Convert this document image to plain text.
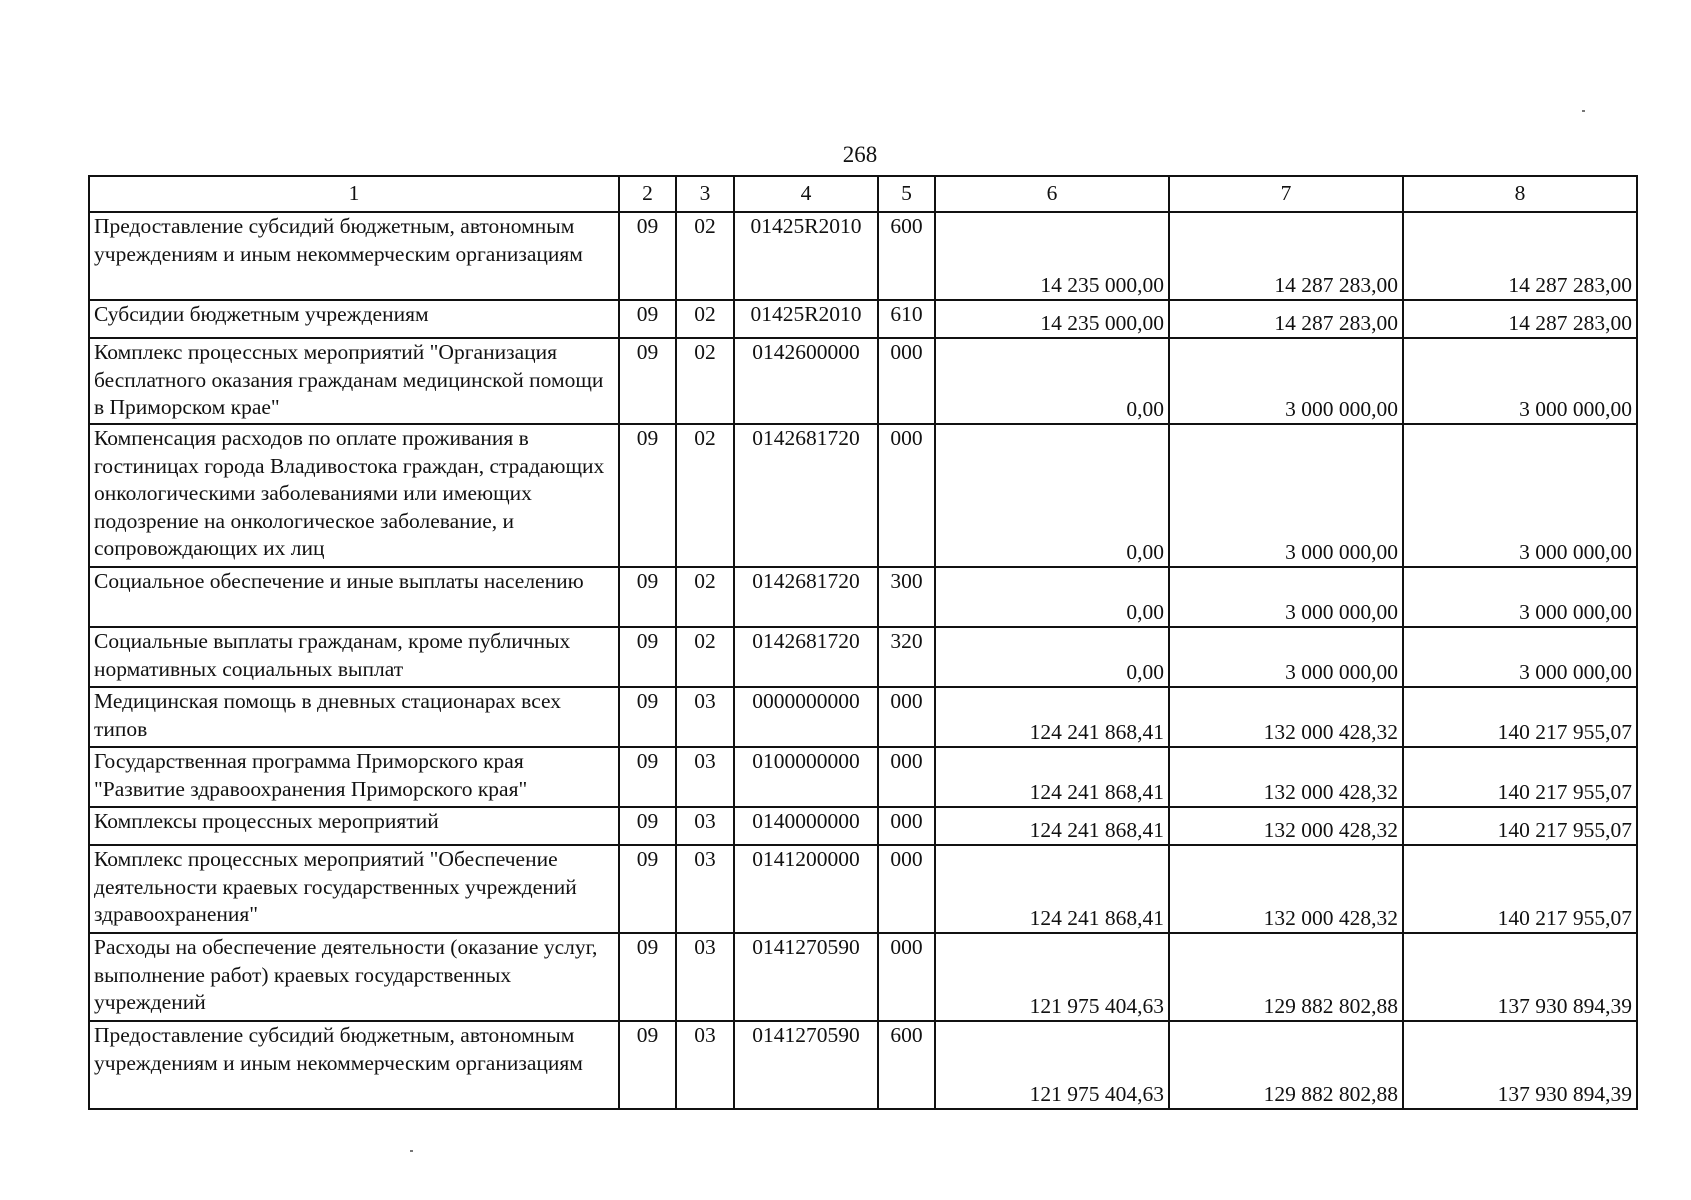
268
1	2	3	4	5	6	7	8
Предоставление субсидий бюджетным, автономным учреждениям и иным некоммерческим организациям	09	02	01425R2010	600	14 235 000,00	14 287 283,00	14 287 283,00
Субсидии бюджетным учреждениям	09	02	01425R2010	610	14 235 000,00	14 287 283,00	14 287 283,00
Комплекс процессных мероприятий "Организация бесплатного оказания гражданам медицинской помощи в Приморском крае"	09	02	0142600000	000	0,00	3 000 000,00	3 000 000,00
Компенсация расходов по оплате проживания в гостиницах города Владивостока граждан, страдающих онкологическими заболеваниями или имеющих подозрение на онкологическое заболевание, и сопровождающих их лиц	09	02	0142681720	000	0,00	3 000 000,00	3 000 000,00
Социальное обеспечение и иные выплаты населению	09	02	0142681720	300	0,00	3 000 000,00	3 000 000,00
Социальные выплаты гражданам, кроме публичных нормативных социальных выплат	09	02	0142681720	320	0,00	3 000 000,00	3 000 000,00
Медицинская помощь в дневных стационарах всех типов	09	03	0000000000	000	124 241 868,41	132 000 428,32	140 217 955,07
Государственная программа Приморского края "Развитие здравоохранения Приморского края"	09	03	0100000000	000	124 241 868,41	132 000 428,32	140 217 955,07
Комплексы процессных мероприятий	09	03	0140000000	000	124 241 868,41	132 000 428,32	140 217 955,07
Комплекс процессных мероприятий "Обеспечение деятельности краевых государственных учреждений здравоохранения"	09	03	0141200000	000	124 241 868,41	132 000 428,32	140 217 955,07
Расходы на обеспечение деятельности (оказание услуг, выполнение работ) краевых государственных учреждений	09	03	0141270590	000	121 975 404,63	129 882 802,88	137 930 894,39
Предоставление субсидий бюджетным, автономным учреждениям и иным некоммерческим организациям	09	03	0141270590	600	121 975 404,63	129 882 802,88	137 930 894,39
